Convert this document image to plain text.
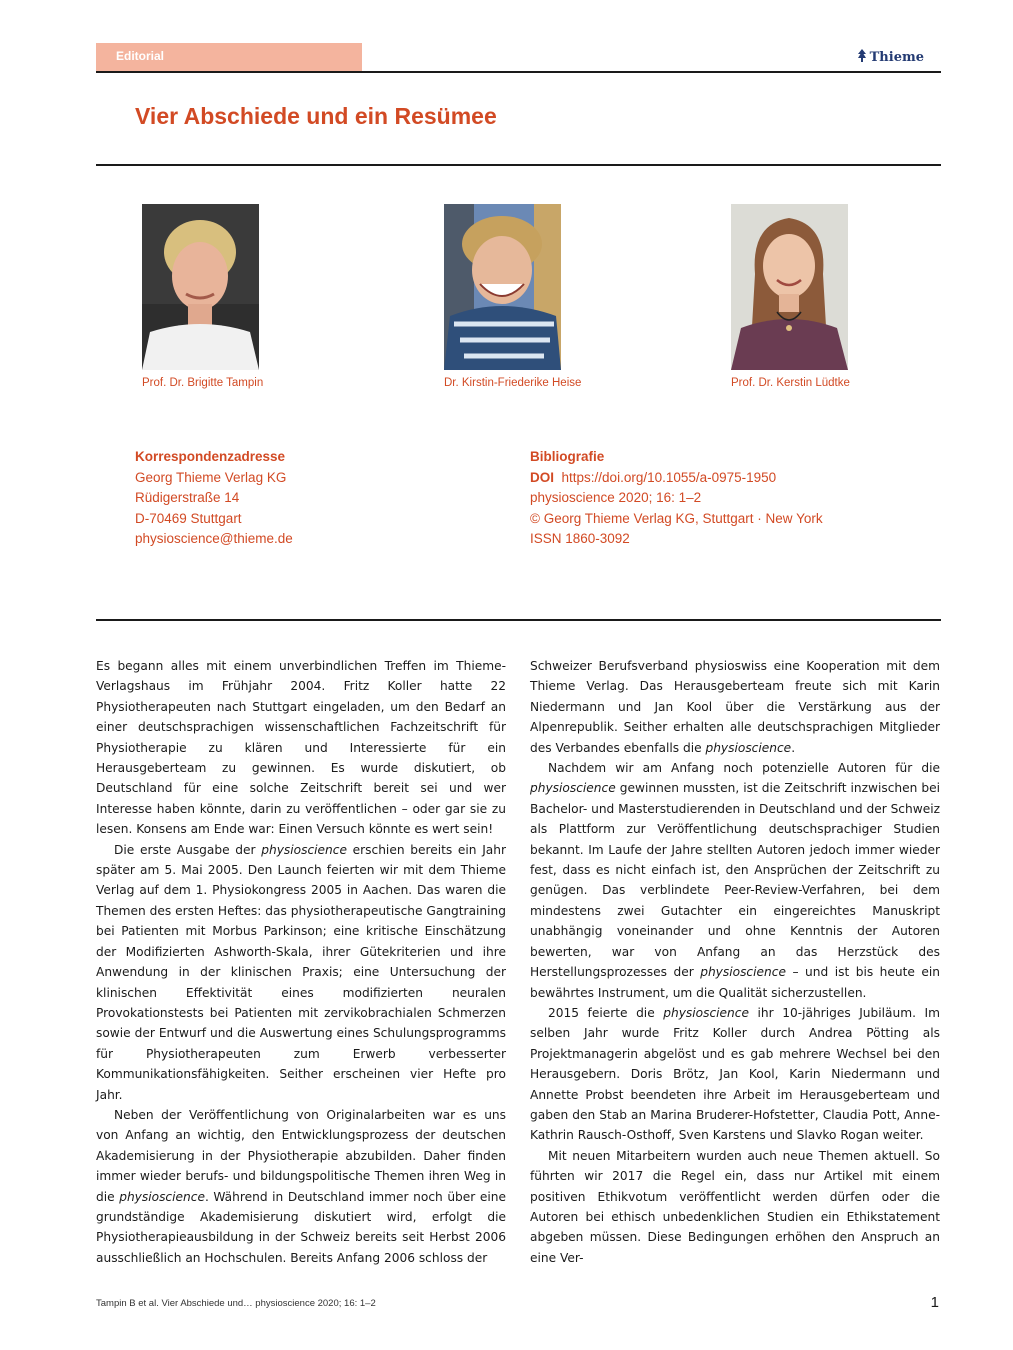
Editorial	Thieme
Vier Abschiede und ein Resümee
Prof. Dr. Brigitte Tampin	Dr. Kirstin-Friederike Heise	Prof. Dr. Kerstin Lüdtke
Korrespondenzadresse
Georg Thieme Verlag KG
Rüdigerstraße 14
D-70469 Stuttgart
physioscience@thieme.de
Bibliografie
DOI https://doi.org/10.1055/a-0975-1950
physioscience 2020; 16: 1–2
© Georg Thieme Verlag KG, Stuttgart · New York
ISSN 1860-3092

Es begann alles mit einem unverbindlichen Treffen im Thieme-Verlagshaus im Frühjahr 2004. Fritz Koller hatte 22 Physiotherapeuten nach Stuttgart eingeladen, um den Bedarf an einer deutschsprachigen wissenschaftlichen Fachzeitschrift für Physiotherapie zu klären und Interessierte für ein Herausgeberteam zu gewinnen. Es wurde diskutiert, ob Deutschland für eine solche Zeitschrift bereit sei und wer Interesse haben könnte, darin zu veröffentlichen – oder gar sie zu lesen. Konsens am Ende war: Einen Versuch könnte es wert sein!

Die erste Ausgabe der physioscience erschien bereits ein Jahr später am 5. Mai 2005. Den Launch feierten wir mit dem Thieme Verlag auf dem 1. Physiokongress 2005 in Aachen. Das waren die Themen des ersten Heftes: das physiotherapeutische Gangtraining bei Patienten mit Morbus Parkinson; eine kritische Einschätzung der Modifizierten Ashworth-Skala, ihrer Gütekriterien und ihre Anwendung in der klinischen Praxis; eine Untersuchung der klinischen Effektivität eines modifizierten neuralen Provokationstests bei Patienten mit zervikobrachialen Schmerzen sowie der Entwurf und die Auswertung eines Schulungsprogramms für Physiotherapeuten zum Erwerb verbesserter Kommunikationsfähigkeiten. Seither erscheinen vier Hefte pro Jahr.

Neben der Veröffentlichung von Originalarbeiten war es uns von Anfang an wichtig, den Entwicklungsprozess der deutschen Akademisierung in der Physiotherapie abzubilden. Daher finden immer wieder berufs- und bildungspolitische Themen ihren Weg in die physioscience. Während in Deutschland immer noch über eine grundständige Akademisierung diskutiert wird, erfolgt die Physiotherapieausbildung in der Schweiz bereits seit Herbst 2006 ausschließlich an Hochschulen. Bereits Anfang 2006 schloss der

Schweizer Berufsverband physioswiss eine Kooperation mit dem Thieme Verlag. Das Herausgeberteam freute sich mit Karin Niedermann und Jan Kool über die Verstärkung aus der Alpenrepublik. Seither erhalten alle deutschsprachigen Mitglieder des Verbandes ebenfalls die physioscience.

Nachdem wir am Anfang noch potenzielle Autoren für die physioscience gewinnen mussten, ist die Zeitschrift inzwischen bei Bachelor- und Masterstudierenden in Deutschland und der Schweiz als Plattform zur Veröffentlichung deutschsprachiger Studien bekannt. Im Laufe der Jahre stellten Autoren jedoch immer wieder fest, dass es nicht einfach ist, den Ansprüchen der Zeitschrift zu genügen. Das verblindete Peer-Review-Verfahren, bei dem mindestens zwei Gutachter ein eingereichtes Manuskript unabhängig voneinander und ohne Kenntnis der Autoren bewerten, war von Anfang an das Herzstück des Herstellungsprozesses der physioscience – und ist bis heute ein bewährtes Instrument, um die Qualität sicherzustellen.

2015 feierte die physioscience ihr 10-jähriges Jubiläum. Im selben Jahr wurde Fritz Koller durch Andrea Pötting als Projektmanagerin abgelöst und es gab mehrere Wechsel bei den Herausgebern. Doris Brötz, Jan Kool, Karin Niedermann und Annette Probst beendeten ihre Arbeit im Herausgeberteam und gaben den Stab an Marina Bruderer-Hofstetter, Claudia Pott, Anne-Kathrin Rausch-Osthoff, Sven Karstens und Slavko Rogan weiter.

Mit neuen Mitarbeitern wurden auch neue Themen aktuell. So führten wir 2017 die Regel ein, dass nur Artikel mit einem positiven Ethikvotum veröffentlicht werden dürfen oder die Autoren bei ethisch unbedenklichen Studien ein Ethikstatement abgeben müssen. Diese Bedingungen erhöhen den Anspruch an eine Ver-

Tampin B et al. Vier Abschiede und… physioscience 2020; 16: 1–2	1
